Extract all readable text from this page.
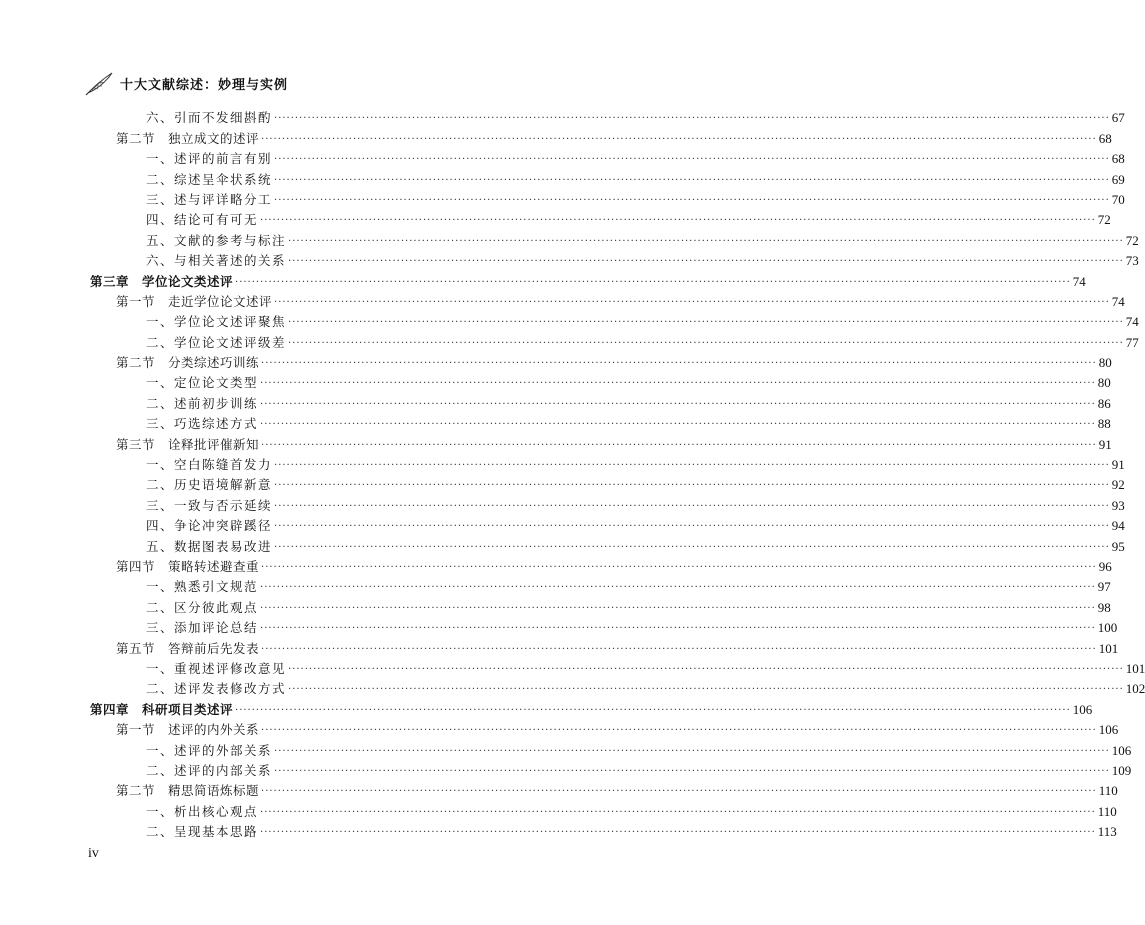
十大文献综述：妙理与实例
六、引而不发细斟酌 ········································································································································································································ 67
第二节　独立成文的述评 ········································································································································································································ 68
一、述评的前言有别 ········································································································································································································ 68
二、综述呈伞状系统 ········································································································································································································ 69
三、述与评详略分工 ········································································································································································································ 70
四、结论可有可无 ········································································································································································································ 72
五、文献的参考与标注 ········································································································································································································ 72
六、与相关著述的关系 ········································································································································································································ 73
第三章　学位论文类述评 ········································································································································································································ 74
第一节　走近学位论文述评 ········································································································································································································ 74
一、学位论文述评聚焦 ········································································································································································································ 74
二、学位论文述评级差 ········································································································································································································ 77
第二节　分类综述巧训练 ········································································································································································································ 80
一、定位论文类型 ········································································································································································································ 80
二、述前初步训练 ········································································································································································································ 86
三、巧选综述方式 ········································································································································································································ 88
第三节　诠释批评催新知 ········································································································································································································ 91
一、空白陈缝首发力 ········································································································································································································ 91
二、历史语境解新意 ········································································································································································································ 92
三、一致与否示延续 ········································································································································································································ 93
四、争论冲突辟蹊径 ········································································································································································································ 94
五、数据图表易改进 ········································································································································································································ 95
第四节　策略转述避查重 ········································································································································································································ 96
一、熟悉引文规范 ········································································································································································································ 97
二、区分彼此观点 ········································································································································································································ 98
三、添加评论总结 ········································································································································································································ 100
第五节　答辩前后先发表 ········································································································································································································ 101
一、重视述评修改意见 ········································································································································································································ 101
二、述评发表修改方式 ········································································································································································································ 102
第四章　科研项目类述评 ········································································································································································································ 106
第一节　述评的内外关系 ········································································································································································································ 106
一、述评的外部关系 ········································································································································································································ 106
二、述评的内部关系 ········································································································································································································ 109
第二节　精思简语炼标题 ········································································································································································································ 110
一、析出核心观点 ········································································································································································································ 110
二、呈现基本思路 ········································································································································································································ 113
iv
